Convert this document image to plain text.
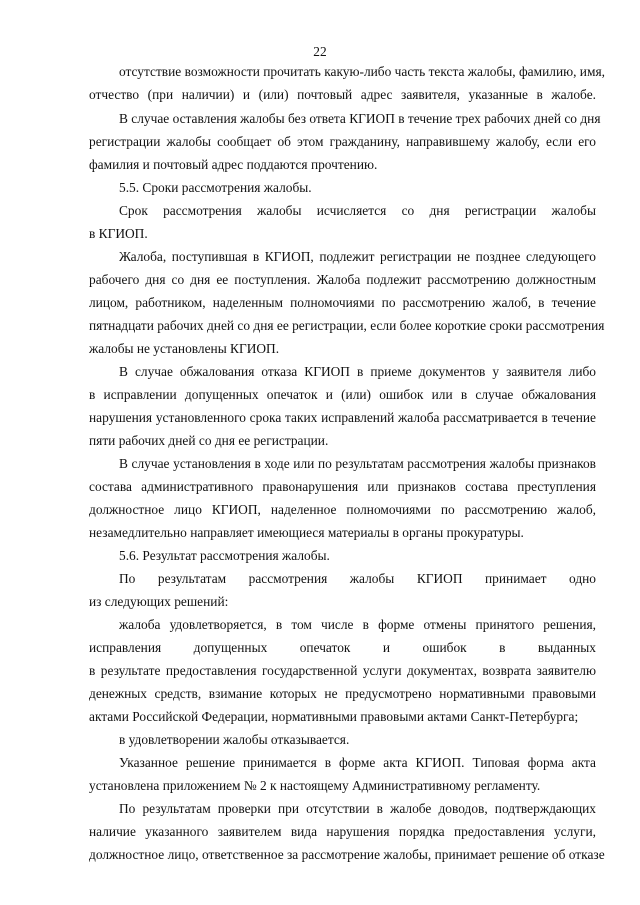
22
отсутствие возможности прочитать какую-либо часть текста жалобы, фамилию, имя,
отчество (при наличии) и (или) почтовый адрес заявителя, указанные в жалобе.
В случае оставления жалобы без ответа КГИОП в течение трех рабочих дней со дня
регистрации жалобы сообщает об этом гражданину, направившему жалобу, если его
фамилия и почтовый адрес поддаются прочтению.
5.5. Сроки рассмотрения жалобы.
Срок рассмотрения жалобы исчисляется со дня регистрации жалобы
в КГИОП.
Жалоба, поступившая в КГИОП, подлежит регистрации не позднее следующего
рабочего дня со дня ее поступления. Жалоба подлежит рассмотрению должностным
лицом, работником, наделенным полномочиями по рассмотрению жалоб, в течение
пятнадцати рабочих дней со дня ее регистрации, если более короткие сроки рассмотрения
жалобы не установлены КГИОП.
В случае обжалования отказа КГИОП в приеме документов у заявителя либо
в исправлении допущенных опечаток и (или) ошибок или в случае обжалования
нарушения установленного срока таких исправлений жалоба рассматривается в течение
пяти рабочих дней со дня ее регистрации.
В случае установления в ходе или по результатам рассмотрения жалобы признаков
состава административного правонарушения или признаков состава преступления
должностное лицо КГИОП, наделенное полномочиями по рассмотрению жалоб,
незамедлительно направляет имеющиеся материалы в органы прокуратуры.
5.6. Результат рассмотрения жалобы.
По результатам рассмотрения жалобы КГИОП принимает одно
из следующих решений:
жалоба удовлетворяется, в том числе в форме отмены принятого решения,
исправления допущенных опечаток и ошибок в выданных
в результате предоставления государственной услуги документах, возврата заявителю
денежных средств, взимание которых не предусмотрено нормативными правовыми
актами Российской Федерации, нормативными правовыми актами Санкт-Петербурга;
в удовлетворении жалобы отказывается.
Указанное решение принимается в форме акта КГИОП. Типовая форма акта
установлена приложением № 2 к настоящему Административному регламенту.
По результатам проверки при отсутствии в жалобе доводов, подтверждающих
наличие указанного заявителем вида нарушения порядка предоставления услуги,
должностное лицо, ответственное за рассмотрение жалобы, принимает решение об отказе
